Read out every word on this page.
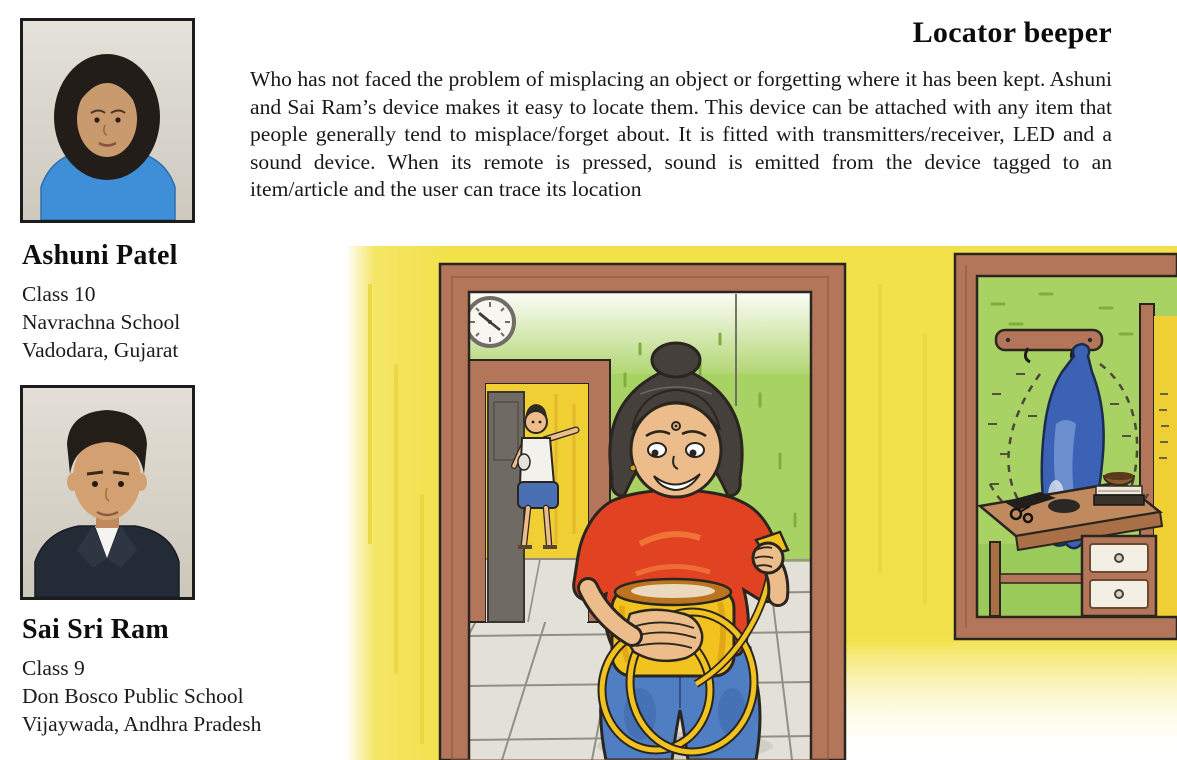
Ashuni Patel
Class 10
Navrachna School
Vadodara, Gujarat
Sai Sri Ram
Class 9
Don Bosco Public School
Vijaywada, Andhra Pradesh
Locator beeper

Who has not faced the problem of misplacing an object or forgetting where it has been kept. Ashuni and Sai Ram’s device makes it easy to locate them. This device can be attached with any item that people generally tend to misplace/forget about. It is fitted with transmitters/receiver, LED and a sound device. When its remote is pressed, sound is emitted from the device tagged to an item/article and the user can trace its location
